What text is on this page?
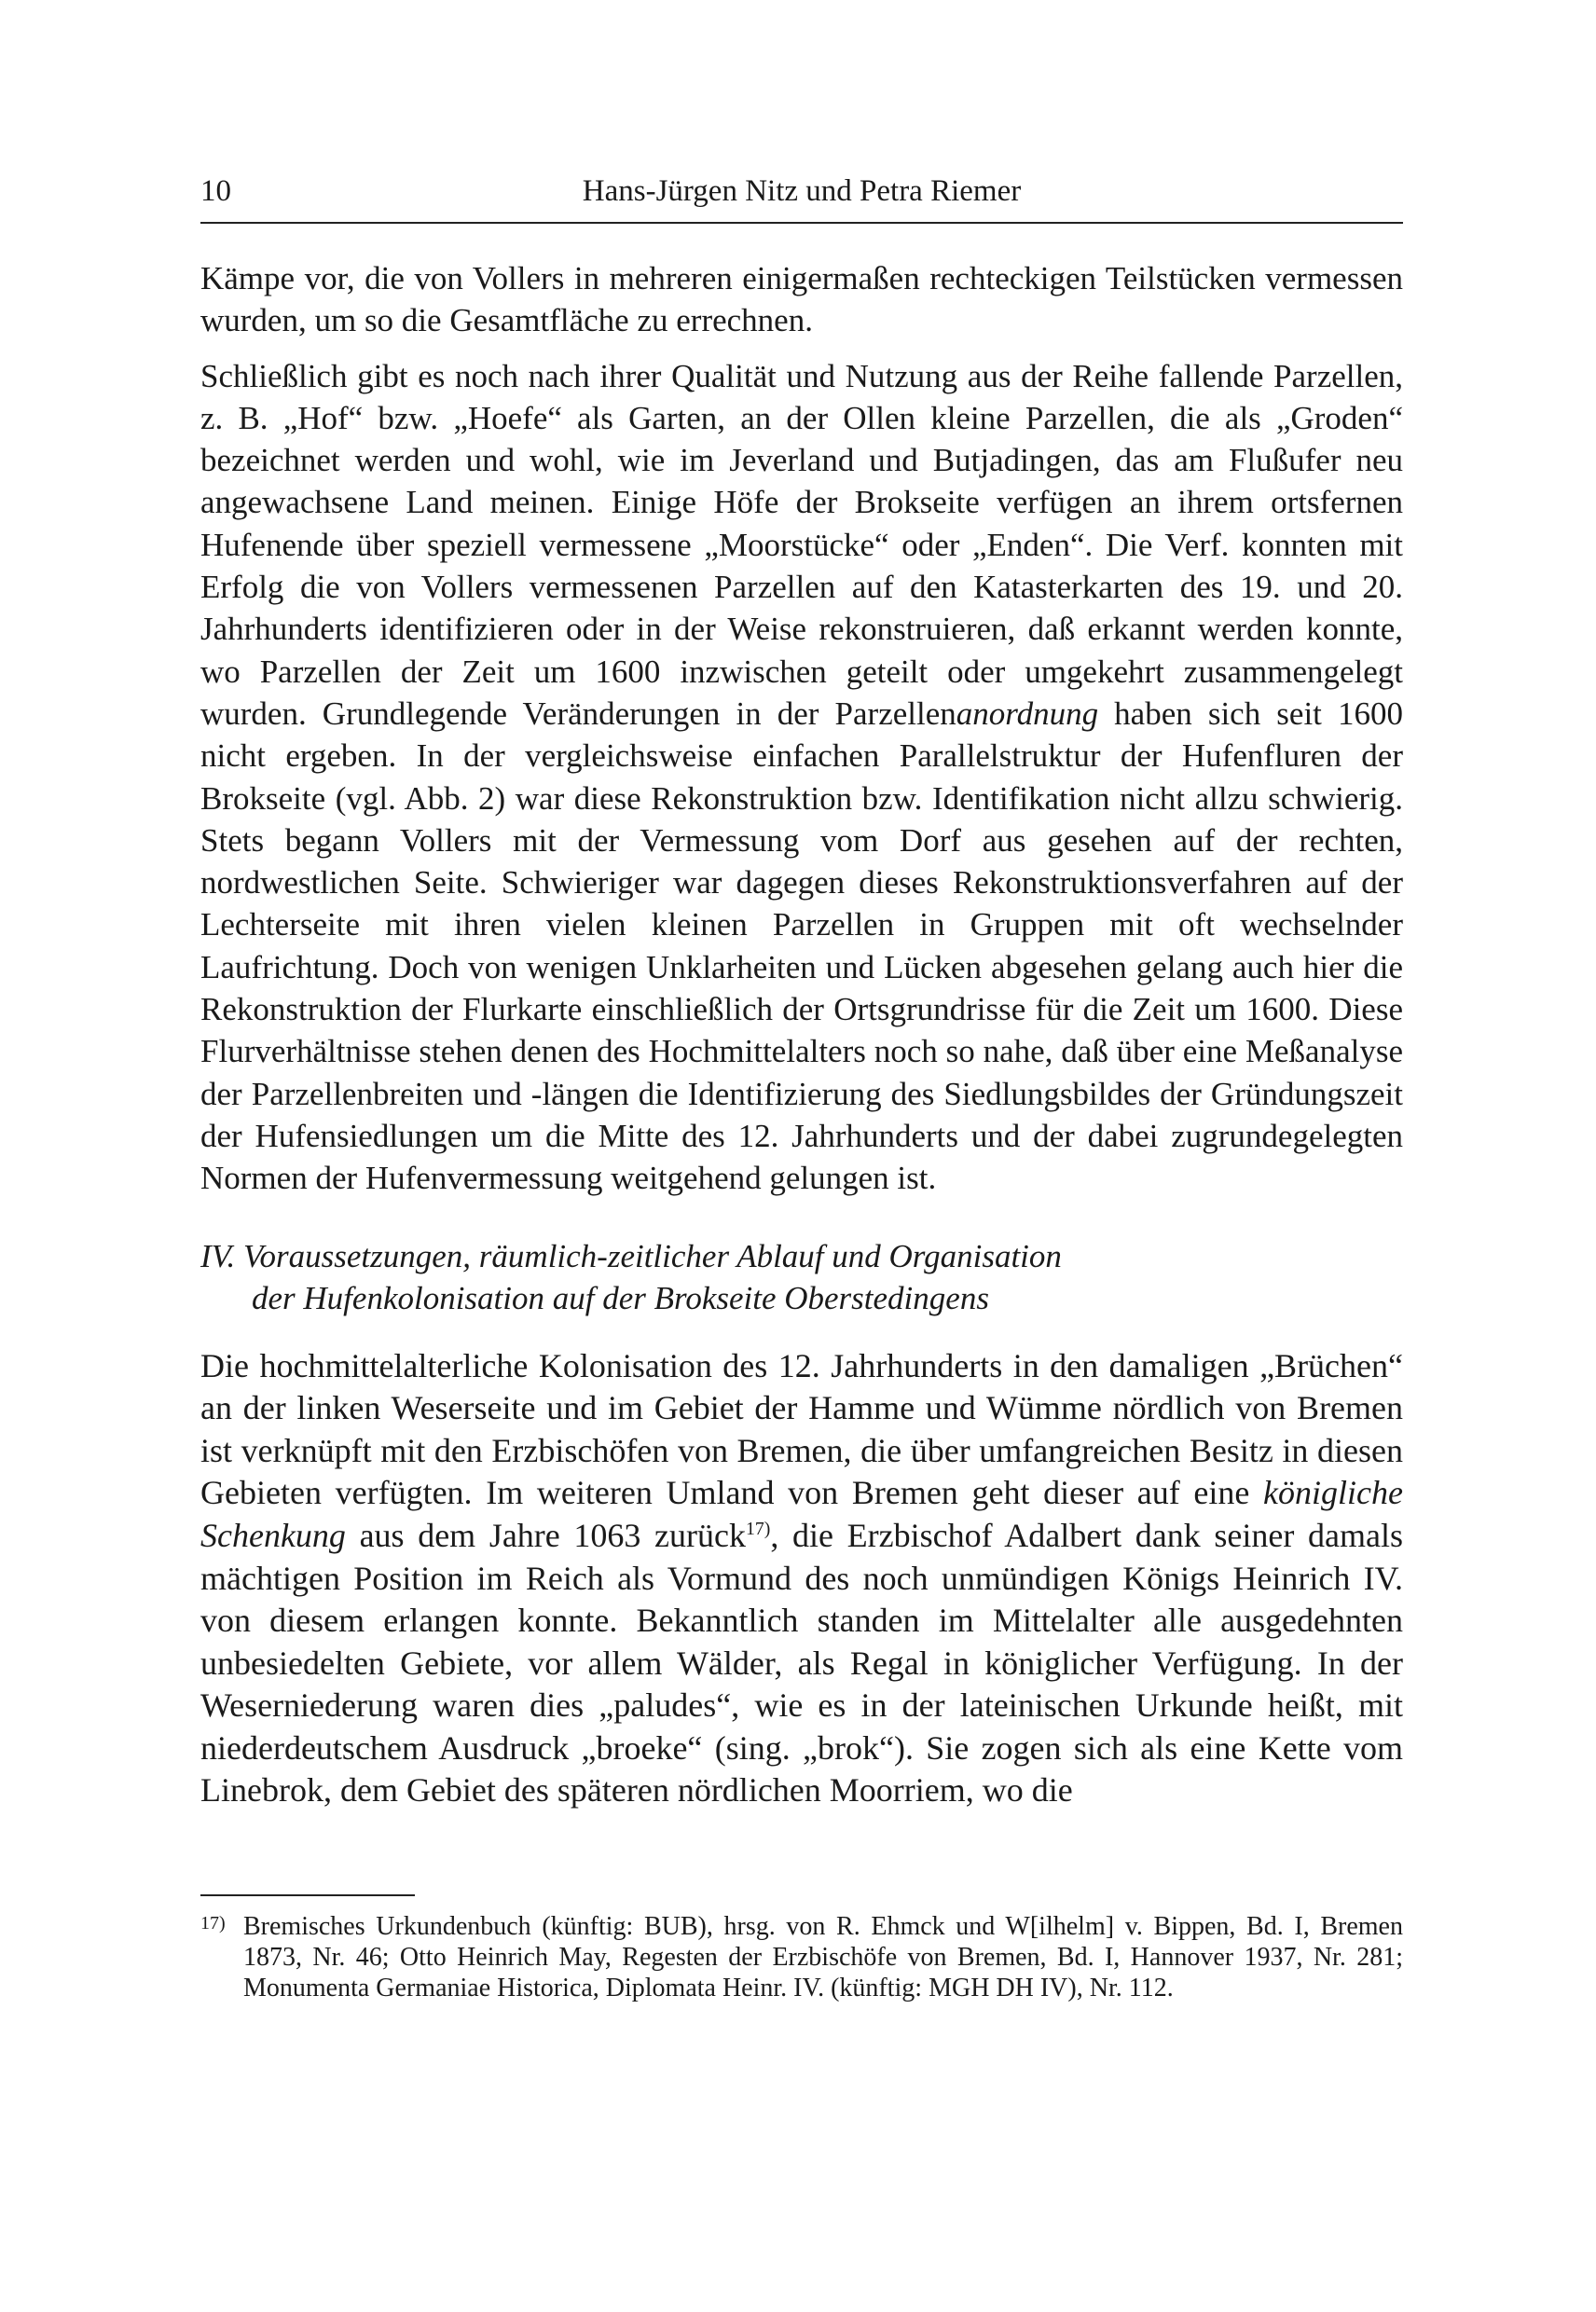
10	Hans-Jürgen Nitz und Petra Riemer

Kämpe vor, die von Vollers in mehreren einigermaßen rechteckigen Teilstücken vermessen wurden, um so die Gesamtfläche zu errechnen.

Schließlich gibt es noch nach ihrer Qualität und Nutzung aus der Reihe fallende Parzellen, z. B. „Hof“ bzw. „Hoefe“ als Garten, an der Ollen kleine Parzellen, die als „Groden“ bezeichnet werden und wohl, wie im Jeverland und Butjadingen, das am Flußufer neu angewachsene Land meinen. Einige Höfe der Brokseite verfügen an ihrem ortsfernen Hufenende über speziell vermessene „Moorstücke“ oder „Enden“. Die Verf. konnten mit Erfolg die von Vollers vermessenen Parzellen auf den Katasterkarten des 19. und 20. Jahrhunderts identifizieren oder in der Weise rekonstruieren, daß erkannt werden konnte, wo Parzellen der Zeit um 1600 inzwischen geteilt oder umgekehrt zusammengelegt wurden. Grundlegende Veränderungen in der Parzellenanordnung haben sich seit 1600 nicht ergeben. In der vergleichsweise einfachen Parallelstruktur der Hufenfluren der Brokseite (vgl. Abb. 2) war diese Rekonstruktion bzw. Identifikation nicht allzu schwierig. Stets begann Vollers mit der Vermessung vom Dorf aus gesehen auf der rechten, nordwestlichen Seite. Schwieriger war dagegen dieses Rekonstruktionsverfahren auf der Lechterseite mit ihren vielen kleinen Parzellen in Gruppen mit oft wechselnder Laufrichtung. Doch von wenigen Unklarheiten und Lücken abgesehen gelang auch hier die Rekonstruktion der Flurkarte einschließlich der Ortsgrundrisse für die Zeit um 1600. Diese Flurverhältnisse stehen denen des Hochmittelalters noch so nahe, daß über eine Meßanalyse der Parzellenbreiten und -längen die Identifizierung des Siedlungsbildes der Gründungszeit der Hufensiedlungen um die Mitte des 12. Jahrhunderts und der dabei zugrundegelegten Normen der Hufenvermessung weitgehend gelungen ist.

IV. Voraussetzungen, räumlich-zeitlicher Ablauf und Organisation
der Hufenkolonisation auf der Brokseite Oberstedingens

Die hochmittelalterliche Kolonisation des 12. Jahrhunderts in den damaligen „Brüchen“ an der linken Weserseite und im Gebiet der Hamme und Wümme nördlich von Bremen ist verknüpft mit den Erzbischöfen von Bremen, die über umfangreichen Besitz in diesen Gebieten verfügten. Im weiteren Umland von Bremen geht dieser auf eine königliche Schenkung aus dem Jahre 1063 zurück$^{17)}$, die Erzbischof Adalbert dank seiner damals mächtigen Position im Reich als Vormund des noch unmündigen Königs Heinrich IV. von diesem erlangen konnte. Bekanntlich standen im Mittelalter alle ausgedehnten unbesiedelten Gebiete, vor allem Wälder, als Regal in königlicher Verfügung. In der Weserniederung waren dies „paludes“, wie es in der lateinischen Urkunde heißt, mit niederdeutschem Ausdruck „broeke“ (sing. „brok“). Sie zogen sich als eine Kette vom Linebrok, dem Gebiet des späteren nördlichen Moorriem, wo die

17) Bremisches Urkundenbuch (künftig: BUB), hrsg. von R. Ehmck und W[ilhelm] v. Bippen, Bd. I, Bremen 1873, Nr. 46; Otto Heinrich May, Regesten der Erzbischöfe von Bremen, Bd. I, Hannover 1937, Nr. 281; Monumenta Germaniae Historica, Diplomata Heinr. IV. (künftig: MGH DH IV), Nr. 112.
